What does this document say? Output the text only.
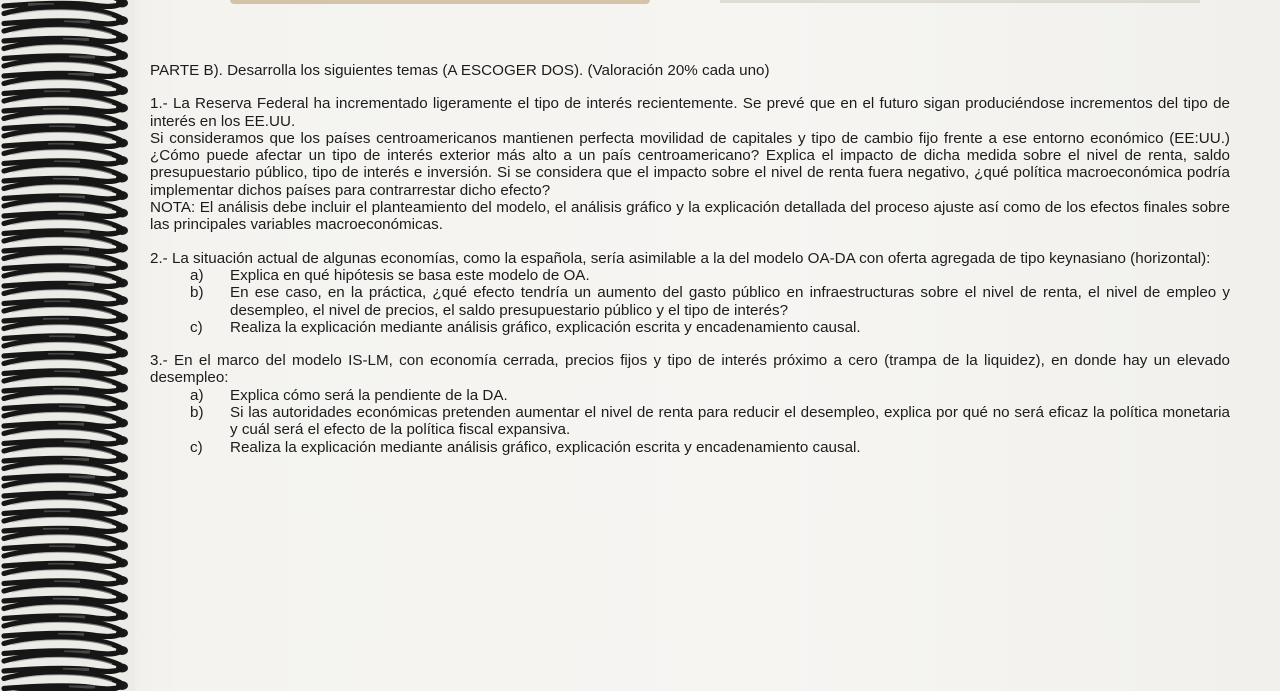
PARTE B). Desarrolla los siguientes temas (A ESCOGER DOS). (Valoración 20% cada uno)

1.- La Reserva Federal ha incrementado ligeramente el tipo de interés recientemente. Se prevé que en el futuro sigan produciéndose incrementos del tipo de interés en los EE.UU.

Si consideramos que los países centroamericanos mantienen perfecta movilidad de capitales y tipo de cambio fijo frente a ese entorno económico (EE:UU.) ¿Cómo puede afectar un tipo de interés exterior más alto a un país centroamericano? Explica el impacto de dicha medida sobre el nivel de renta, saldo presupuestario público, tipo de interés e inversión. Si se considera que el impacto sobre el nivel de renta fuera negativo, ¿qué política macroeconómica podría implementar dichos países para contrarrestar dicho efecto?

NOTA: El análisis debe incluir el planteamiento del modelo, el análisis gráfico y la explicación detallada del proceso ajuste así como de los efectos finales sobre las principales variables macroeconómicas.

2.- La situación actual de algunas economías, como la española, sería asimilable a la del modelo OA-DA con oferta agregada de tipo keynasiano (horizontal):

a) Explica en qué hipótesis se basa este modelo de OA.
b) En ese caso, en la práctica, ¿qué efecto tendría un aumento del gasto público en infraestructuras sobre el nivel de renta, el nivel de empleo y desempleo, el nivel de precios, el saldo presupuestario público y el tipo de interés?
c) Realiza la explicación mediante análisis gráfico, explicación escrita y encadenamiento causal.

3.- En el marco del modelo IS-LM, con economía cerrada, precios fijos y tipo de interés próximo a cero (trampa de la liquidez), en donde hay un elevado desempleo:

a) Explica cómo será la pendiente de la DA.
b) Si las autoridades económicas pretenden aumentar el nivel de renta para reducir el desempleo, explica por qué no será eficaz la política monetaria y cuál será el efecto de la política fiscal expansiva.
c) Realiza la explicación mediante análisis gráfico, explicación escrita y encadenamiento causal.
